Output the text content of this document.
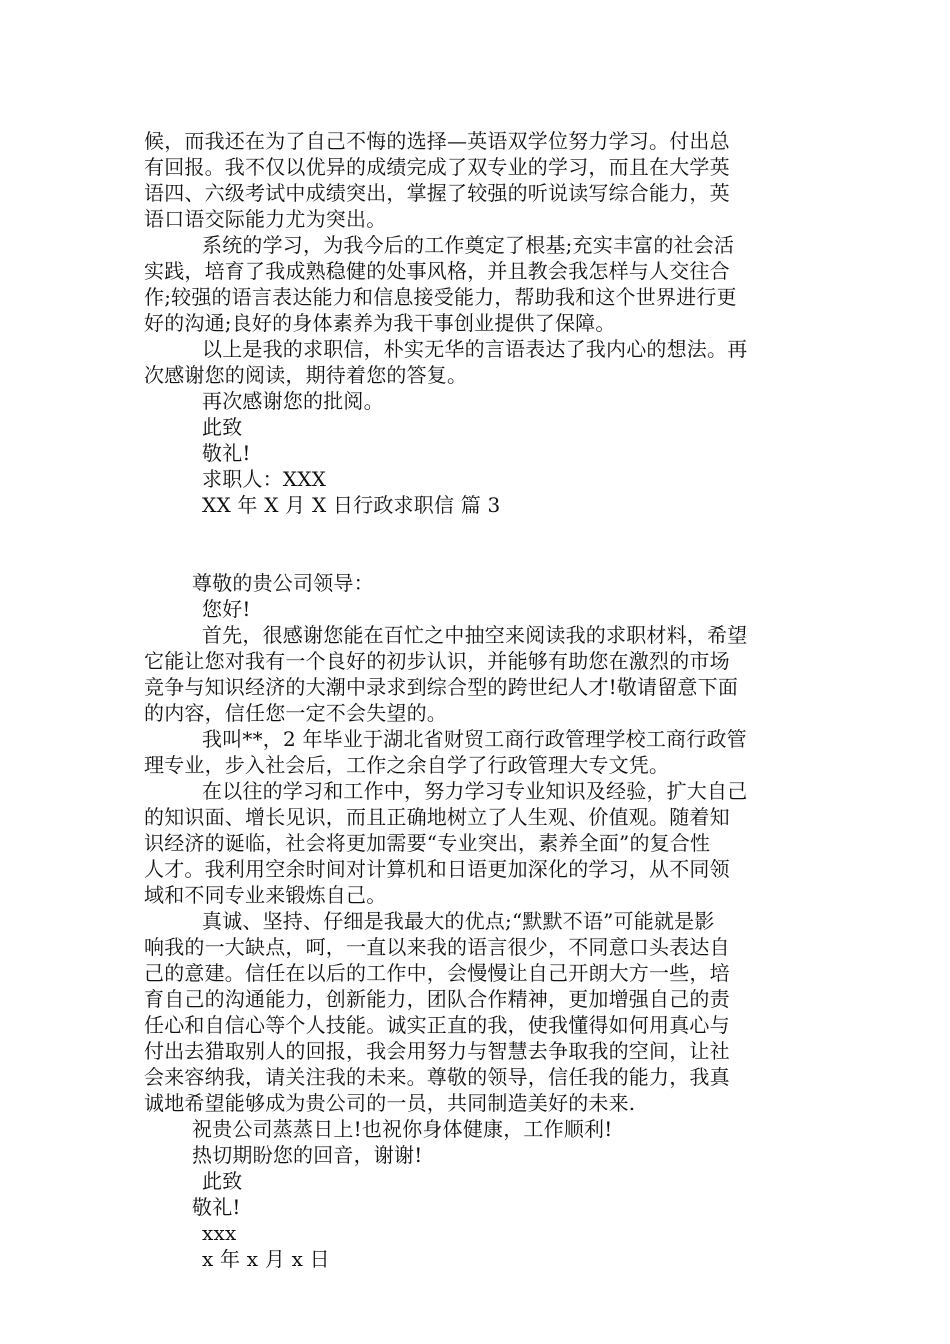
候，而我还在为了自己不悔的选择—英语双学位努力学习。付出总
有回报。我不仅以优异的成绩完成了双专业的学习，而且在大学英
语四、六级考试中成绩突出，掌握了较强的听说读写综合能力，英
语口语交际能力尤为突出。
系统的学习，为我今后的工作奠定了根基;充实丰富的社会活
实践，培育了我成熟稳健的处事风格，并且教会我怎样与人交往合
作;较强的语言表达能力和信息接受能力，帮助我和这个世界进行更
好的沟通;良好的身体素养为我干事创业提供了保障。
以上是我的求职信，朴实无华的言语表达了我内心的想法。再
次感谢您的阅读，期待着您的答复。
再次感谢您的批阅。
此致
敬礼!
求职人：XXX
XX 年 X 月 X 日行政求职信 篇 3
尊敬的贵公司领导：
您好!
首先，很感谢您能在百忙之中抽空来阅读我的求职材料，希望
它能让您对我有一个良好的初步认识，并能够有助您在激烈的市场
竞争与知识经济的大潮中录求到综合型的跨世纪人才!敬请留意下面
的内容，信任您一定不会失望的。
我叫**，2 年毕业于湖北省财贸工商行政管理学校工商行政管
理专业，步入社会后，工作之余自学了行政管理大专文凭。
在以往的学习和工作中，努力学习专业知识及经验，扩大自己
的知识面、增长见识，而且正确地树立了人生观、价值观。随着知
识经济的诞临，社会将更加需要“专业突出，素养全面”的复合性
人才。我利用空余时间对计算机和日语更加深化的学习，从不同领
域和不同专业来锻炼自己。
真诚、坚持、仔细是我最大的优点;“默默不语”可能就是影
响我的一大缺点，呵，一直以来我的语言很少，不同意口头表达自
己的意建。信任在以后的工作中，会慢慢让自己开朗大方一些，培
育自己的沟通能力，创新能力，团队合作精神，更加增强自己的责
任心和自信心等个人技能。诚实正直的我，使我懂得如何用真心与
付出去猎取别人的回报，我会用努力与智慧去争取我的空间，让社
会来容纳我，请关注我的未来。尊敬的领导，信任我的能力，我真
诚地希望能够成为贵公司的一员，共同制造美好的未来.
祝贵公司蒸蒸日上!也祝你身体健康，工作顺利!
热切期盼您的回音，谢谢!
此致
敬礼!
xxx
x 年 x 月 x 日
